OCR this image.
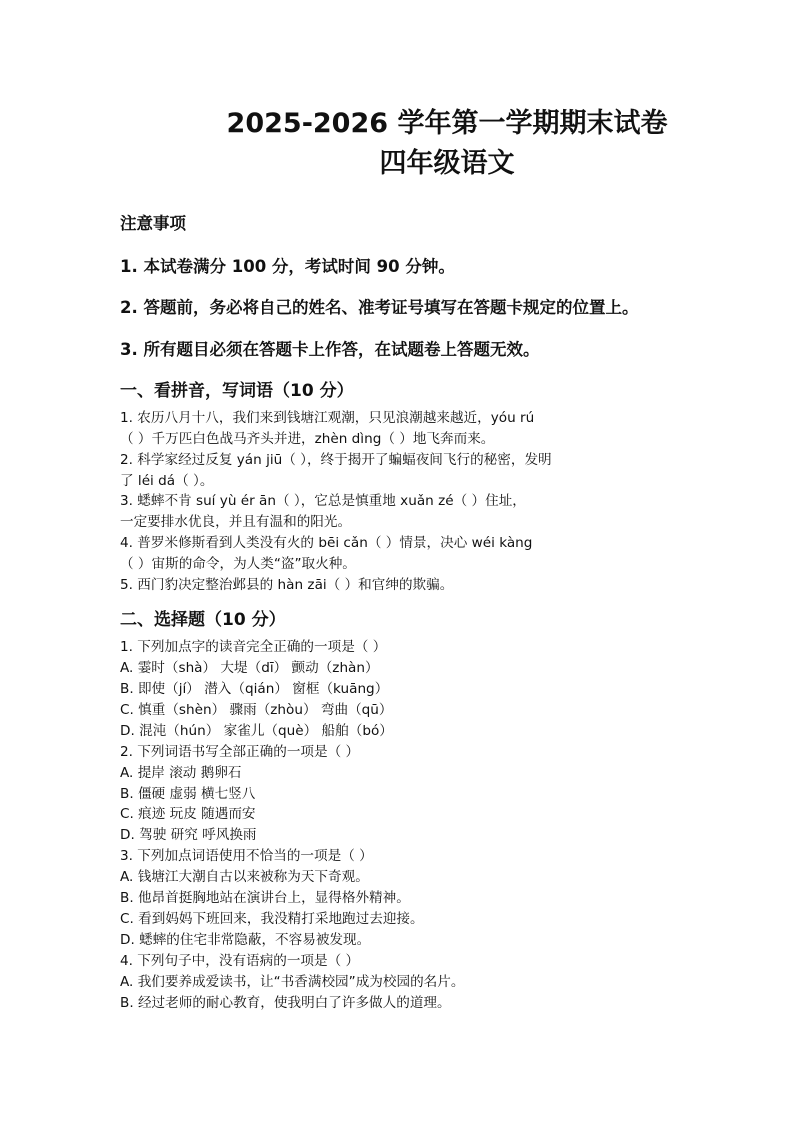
2025-2026 学年第一学期期末试卷
四年级语文
注意事项
1. 本试卷满分 100 分，考试时间 90 分钟。
2. 答题前，务必将自己的姓名、准考证号填写在答题卡规定的位置上。
3. 所有题目必须在答题卡上作答，在试题卷上答题无效。
一、看拼音，写词语（10 分）
1. 农历八月十八，我们来到钱塘江观潮，只见浪潮越来越近，yóu rú
（ ）千万匹白色战马齐头并进，zhèn dìng（ ）地飞奔而来。
2. 科学家经过反复 yán jiū（ ），终于揭开了蝙蝠夜间飞行的秘密，发明
了 léi dá（ ）。
3. 蟋蟀不肯 suí yù ér ān（ ），它总是慎重地 xuǎn zé（ ）住址，
一定要排水优良，并且有温和的阳光。
4. 普罗米修斯看到人类没有火的 bēi cǎn（ ）情景，决心 wéi kàng
（ ）宙斯的命令，为人类“盗”取火种。
5. 西门豹决定整治邺县的 hàn zāi（ ）和官绅的欺骗。
二、选择题（10 分）
1. 下列加点字的读音完全正确的一项是（ ）
A. 霎时（shà） 大堤（dī） 颤动（zhàn）
B. 即使（jí） 潜入（qián） 窗框（kuāng）
C. 慎重（shèn） 骤雨（zhòu） 弯曲（qū）
D. 混沌（hún） 家雀儿（què） 船舶（bó）
2. 下列词语书写全部正确的一项是（ ）
A. 提岸 滚动 鹅卵石
B. 僵硬 虚弱 横七竖八
C. 痕迹 玩皮 随遇而安
D. 驾驶 研究 呼风换雨
3. 下列加点词语使用不恰当的一项是（ ）
A. 钱塘江大潮自古以来被称为天下奇观。
B. 他昂首挺胸地站在演讲台上，显得格外精神。
C. 看到妈妈下班回来，我没精打采地跑过去迎接。
D. 蟋蟀的住宅非常隐蔽，不容易被发现。
4. 下列句子中，没有语病的一项是（ ）
A. 我们要养成爱读书，让“书香满校园”成为校园的名片。
B. 经过老师的耐心教育，使我明白了许多做人的道理。
